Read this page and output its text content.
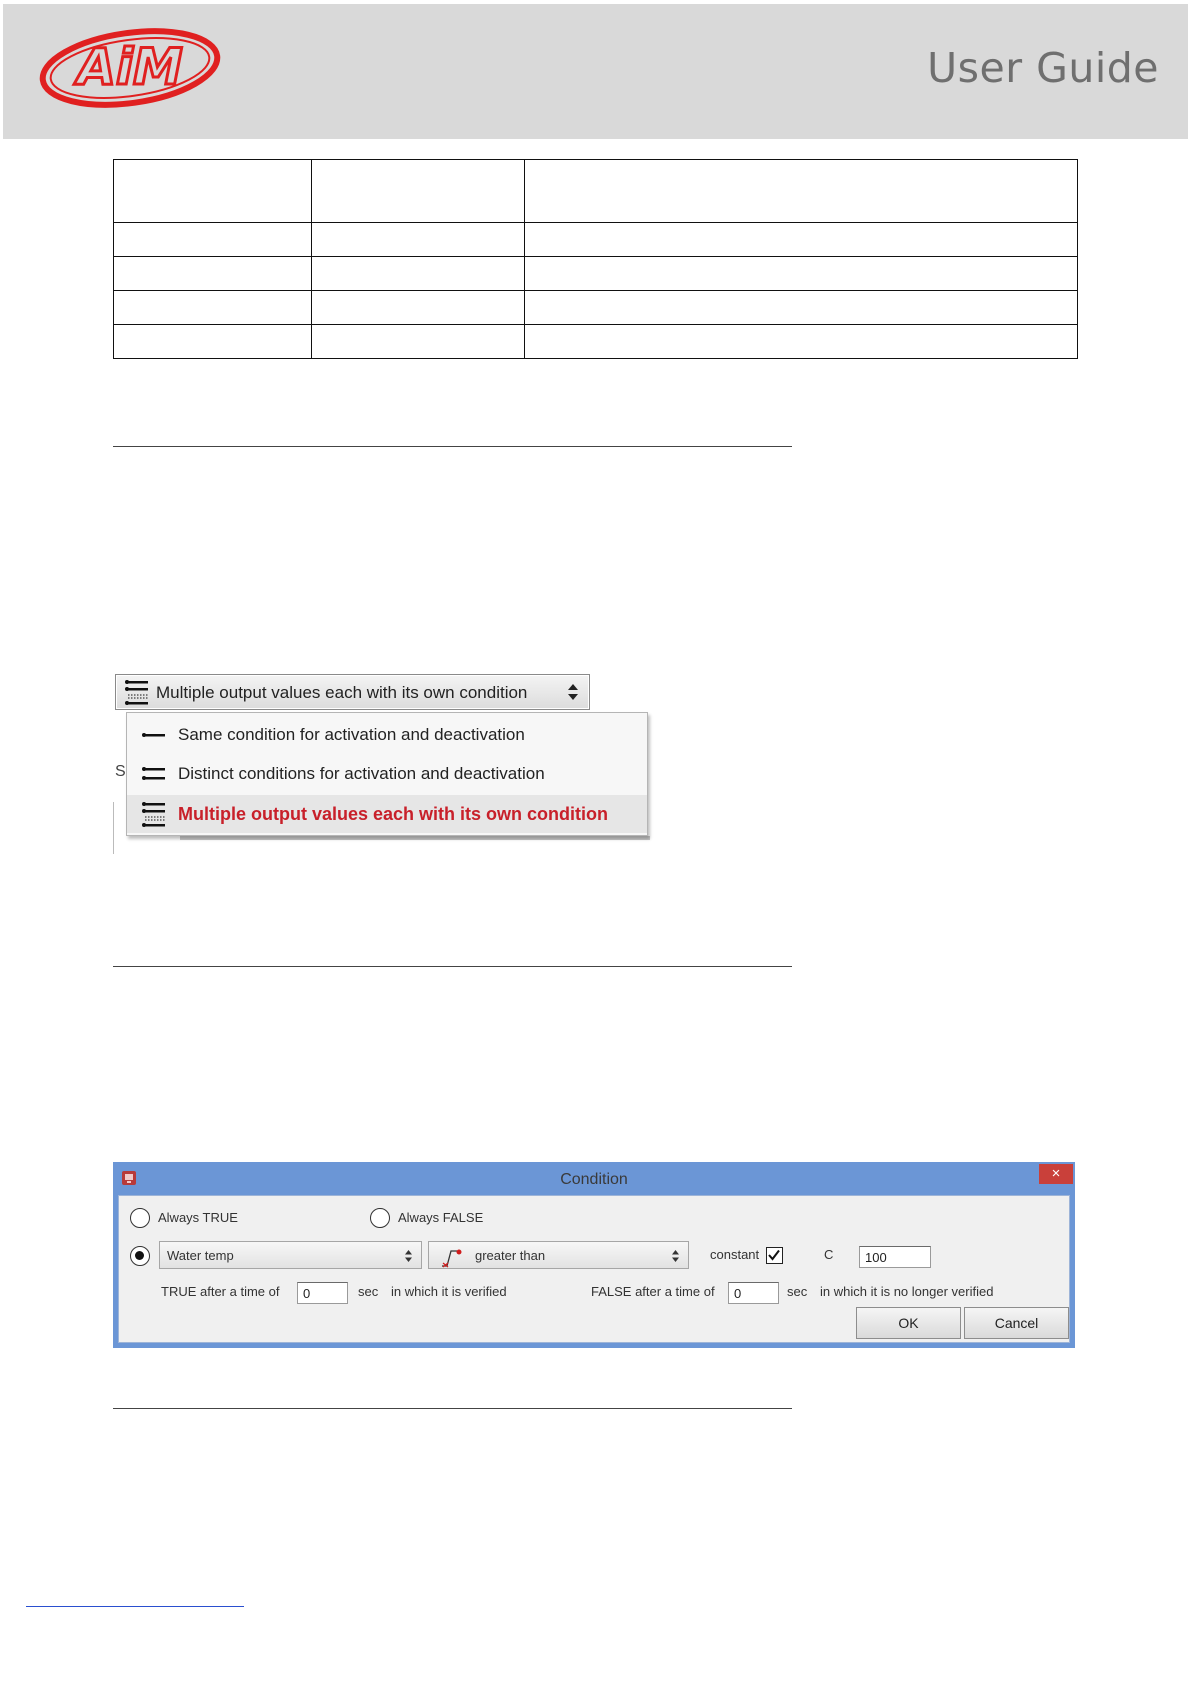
AiM	User Guide

S
Multiple output values each with its own condition
Same condition for activation and deactivation
Distinct conditions for activation and deactivation
Multiple output values each with its own condition
Condition	×
Always TRUE	Always FALSE
Water temp	greater than	constant	C	100
TRUE after a time of	0	sec in which it is verified	FALSE after a time of	0	sec in which it is no longer verified
OK	Cancel
